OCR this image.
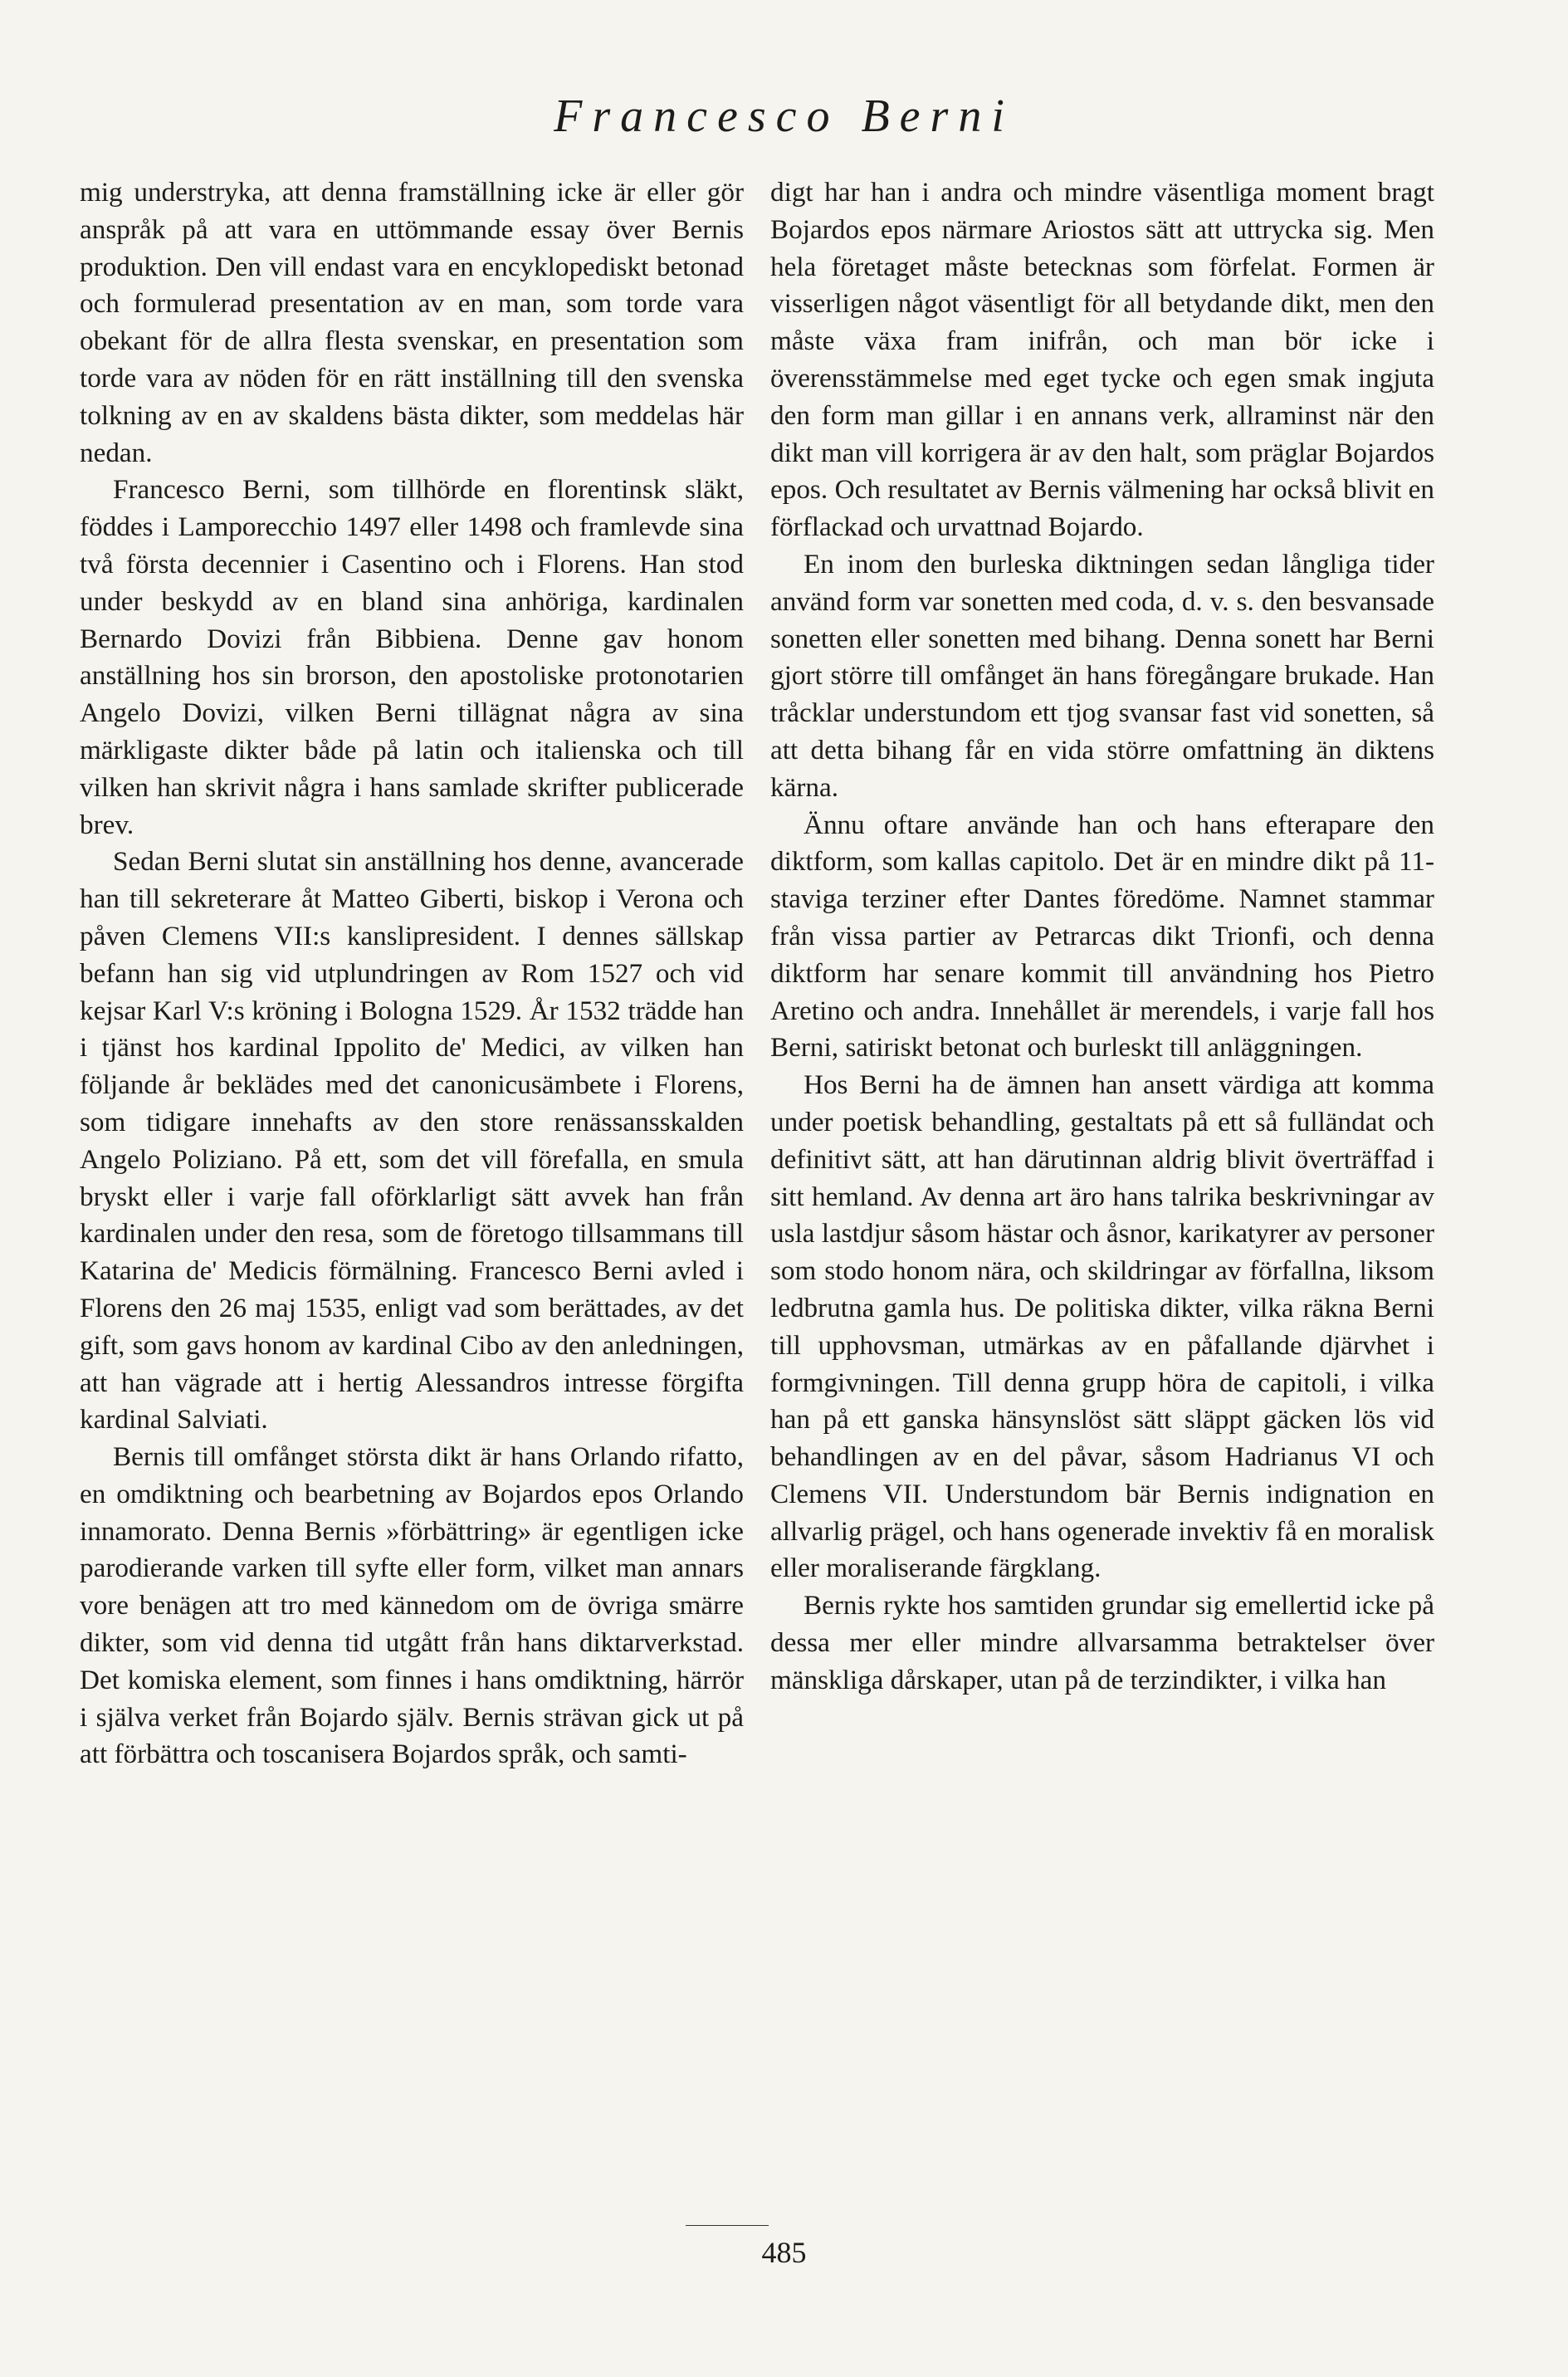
Francesco Berni

mig understryka, att denna framställning icke är eller gör anspråk på att vara en uttömmande essay över Bernis produktion. Den vill endast vara en encyklopediskt betonad och formulerad presentation av en man, som torde vara obekant för de allra flesta svenskar, en presentation som torde vara av nöden för en rätt inställning till den svenska tolkning av en av skaldens bästa dikter, som meddelas här nedan.

Francesco Berni, som tillhörde en florentinsk släkt, föddes i Lamporecchio 1497 eller 1498 och framlevde sina två första decennier i Casentino och i Florens. Han stod under beskydd av en bland sina anhöriga, kardinalen Bernardo Dovizi från Bibbiena. Denne gav honom anställning hos sin brorson, den apostoliske protonotarien Angelo Dovizi, vilken Berni tillägnat några av sina märkligaste dikter både på latin och italienska och till vilken han skrivit några i hans samlade skrifter publicerade brev.

Sedan Berni slutat sin anställning hos denne, avancerade han till sekreterare åt Matteo Giberti, biskop i Verona och påven Clemens VII:s kanslipresident. I dennes sällskap befann han sig vid utplundringen av Rom 1527 och vid kejsar Karl V:s kröning i Bologna 1529. År 1532 trädde han i tjänst hos kardinal Ippolito de' Medici, av vilken han följande år beklädes med det canonicusämbete i Florens, som tidigare innehafts av den store renässansskalden Angelo Poliziano. På ett, som det vill förefalla, en smula bryskt eller i varje fall oförklarligt sätt avvek han från kardinalen under den resa, som de företogo tillsammans till Katarina de' Medicis förmälning. Francesco Berni avled i Florens den 26 maj 1535, enligt vad som berättades, av det gift, som gavs honom av kardinal Cibo av den anledningen, att han vägrade att i hertig Alessandros intresse förgifta kardinal Salviati.

Bernis till omfånget största dikt är hans Orlando rifatto, en omdiktning och bearbetning av Bojardos epos Orlando innamorato. Denna Bernis »förbättring» är egentligen icke parodierande varken till syfte eller form, vilket man annars vore benägen att tro med kännedom om de övriga smärre dikter, som vid denna tid utgått från hans diktarverkstad. Det komiska element, som finnes i hans omdiktning, härrör i själva verket från Bojardo själv. Bernis strävan gick ut på att förbättra och toscanisera Bojardos språk, och samti-

digt har han i andra och mindre väsentliga moment bragt Bojardos epos närmare Ariostos sätt att uttrycka sig. Men hela företaget måste betecknas som förfelat. Formen är visserligen något väsentligt för all betydande dikt, men den måste växa fram inifrån, och man bör icke i överensstämmelse med eget tycke och egen smak ingjuta den form man gillar i en annans verk, allraminst när den dikt man vill korrigera är av den halt, som präglar Bojardos epos. Och resultatet av Bernis välmening har också blivit en förflackad och urvattnad Bojardo.

En inom den burleska diktningen sedan långliga tider använd form var sonetten med coda, d. v. s. den besvansade sonetten eller sonetten med bihang. Denna sonett har Berni gjort större till omfånget än hans föregångare brukade. Han tråcklar understundom ett tjog svansar fast vid sonetten, så att detta bihang får en vida större omfattning än diktens kärna.

Ännu oftare använde han och hans efterapare den diktform, som kallas capitolo. Det är en mindre dikt på 11-staviga terziner efter Dantes föredöme. Namnet stammar från vissa partier av Petrarcas dikt Trionfi, och denna diktform har senare kommit till användning hos Pietro Aretino och andra. Innehållet är merendels, i varje fall hos Berni, satiriskt betonat och burleskt till anläggningen.

Hos Berni ha de ämnen han ansett värdiga att komma under poetisk behandling, gestaltats på ett så fulländat och definitivt sätt, att han därutinnan aldrig blivit överträffad i sitt hemland. Av denna art äro hans talrika beskrivningar av usla lastdjur såsom hästar och åsnor, karikatyrer av personer som stodo honom nära, och skildringar av förfallna, liksom ledbrutna gamla hus. De politiska dikter, vilka räkna Berni till upphovsman, utmärkas av en påfallande djärvhet i formgivningen. Till denna grupp höra de capitoli, i vilka han på ett ganska hänsynslöst sätt släppt gäcken lös vid behandlingen av en del påvar, såsom Hadrianus VI och Clemens VII. Understundom bär Bernis indignation en allvarlig prägel, och hans ogenerade invektiv få en moralisk eller moraliserande färgklang.

Bernis rykte hos samtiden grundar sig emellertid icke på dessa mer eller mindre allvarsamma betraktelser över mänskliga dårskaper, utan på de terzindikter, i vilka han

485
